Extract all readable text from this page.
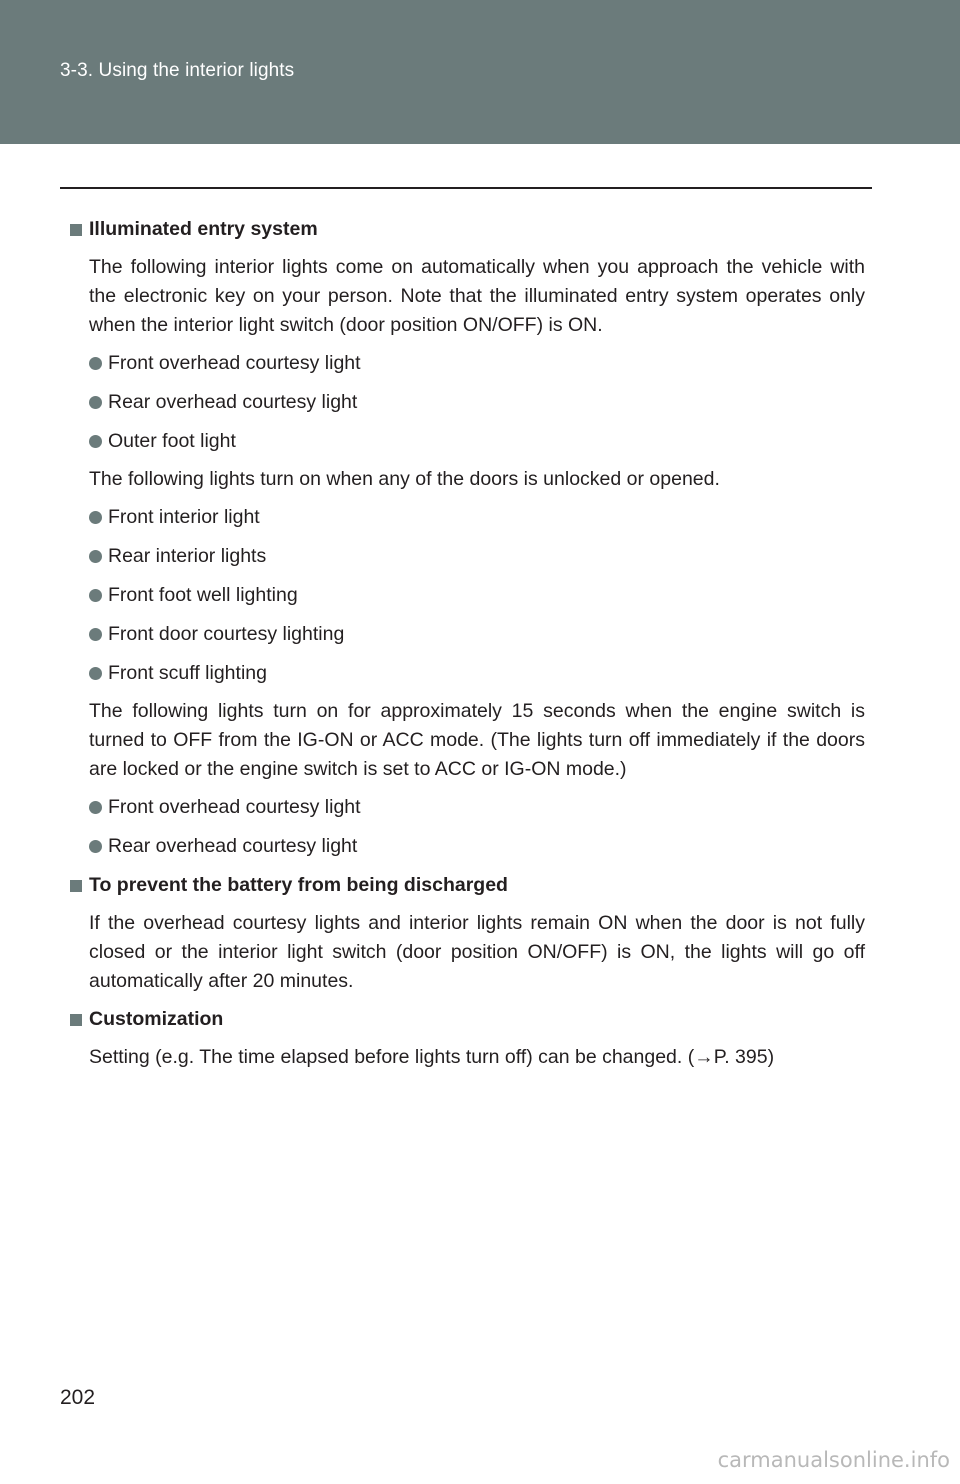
3-3. Using the interior lights
Illuminated entry system
The following interior lights come on automatically when you approach the vehicle with the electronic key on your person. Note that the illuminated entry system operates only when the interior light switch (door position ON/OFF) is ON.
Front overhead courtesy light
Rear overhead courtesy light
Outer foot light
The following lights turn on when any of the doors is unlocked or opened.
Front interior light
Rear interior lights
Front foot well lighting
Front door courtesy lighting
Front scuff lighting
The following lights turn on for approximately 15 seconds when the engine switch is turned to OFF from the IG-ON or ACC mode. (The lights turn off immediately if the doors are locked or the engine switch is set to ACC or IG-ON mode.)
Front overhead courtesy light
Rear overhead courtesy light
To prevent the battery from being discharged
If the overhead courtesy lights and interior lights remain ON when the door is not fully closed or the interior light switch (door position ON/OFF) is ON, the lights will go off automatically after 20 minutes.
Customization
Setting (e.g. The time elapsed before lights turn off) can be changed. (→P. 395)
202
carmanualsonline.info
